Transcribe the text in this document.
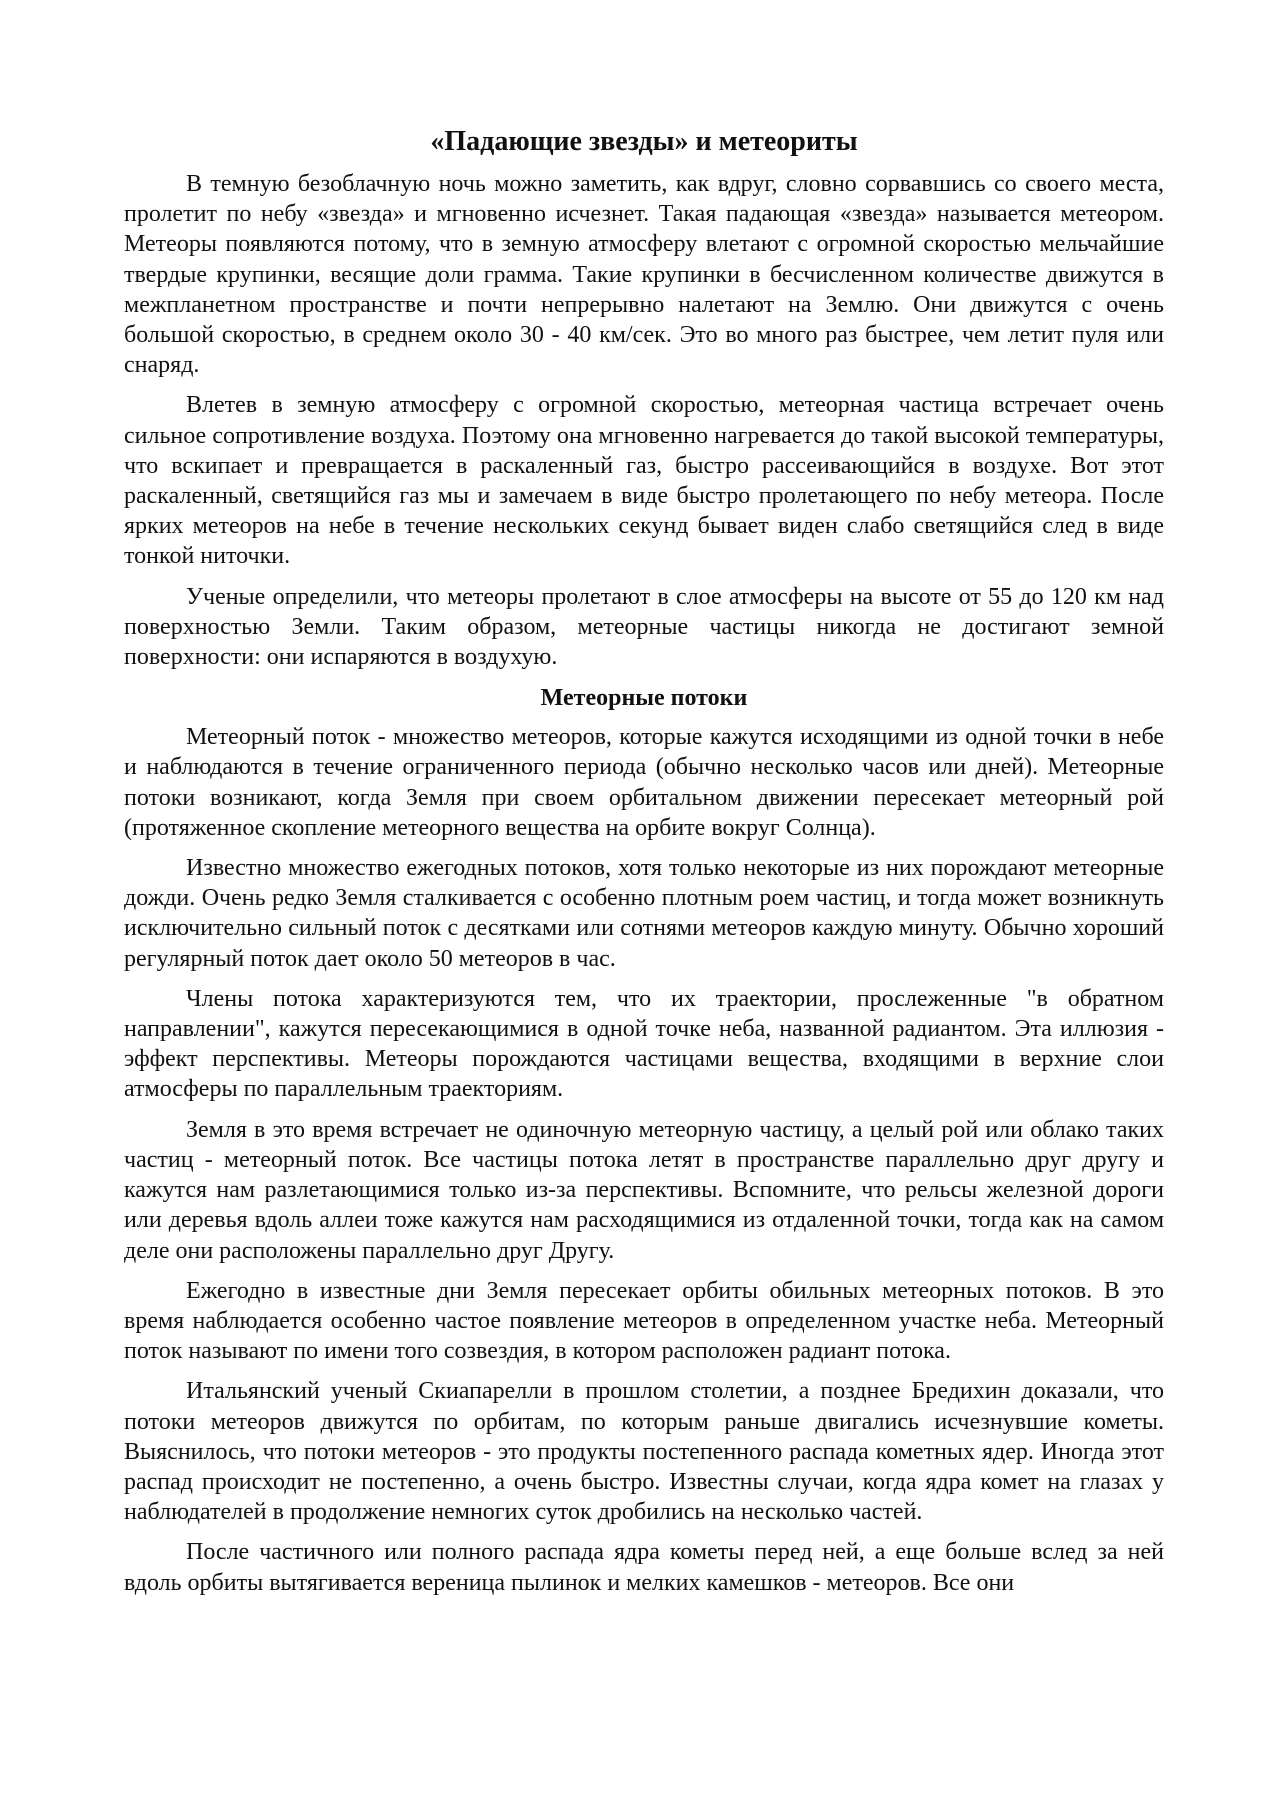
«Падающие звезды» и метеориты

В темную безоблачную ночь можно заметить, как вдруг, словно сорвавшись со своего места, пролетит по небу «звезда» и мгновенно исчезнет. Такая падающая «звезда» называется метеором. Метеоры появляются потому, что в земную атмосферу влетают с огромной скоростью мельчайшие твердые крупинки, весящие доли грамма. Такие крупинки в бесчисленном количестве движутся в межпланетном пространстве и почти непрерывно налетают на Землю. Они движутся с очень большой скоростью, в среднем около 30 - 40 км/сек. Это во много раз быстрее, чем летит пуля или снаряд.

Влетев в земную атмосферу с огромной скоростью, метеорная частица встречает очень сильное сопротивление воздуха. Поэтому она мгновенно нагревается до такой высокой температуры, что вскипает и превращается в раскаленный газ, быстро рассеивающийся в воздухе. Вот этот раскаленный, светящийся газ мы и замечаем в виде быстро пролетающего по небу метеора. После ярких метеоров на небе в течение нескольких секунд бывает виден слабо светящийся след в виде тонкой ниточки.

Ученые определили, что метеоры пролетают в слое атмосферы на высоте от 55 до 120 км над поверхностью Земли. Таким образом, метеорные частицы никогда не достигают земной поверхности: они испаряются в воздухую.

Метеорные потоки

Метеорный поток - множество метеоров, которые кажутся исходящими из одной точки в небе и наблюдаются в течение ограниченного периода (обычно несколько часов или дней). Метеорные потоки возникают, когда Земля при своем орбитальном движении пересекает метеорный рой (протяженное скопление метеорного вещества на орбите вокруг Солнца).

Известно множество ежегодных потоков, хотя только некоторые из них порождают метеорные дожди. Очень редко Земля сталкивается с особенно плотным роем частиц, и тогда может возникнуть исключительно сильный поток с десятками или сотнями метеоров каждую минуту. Обычно хороший регулярный поток дает около 50 метеоров в час.

Члены потока характеризуются тем, что их траектории, прослеженные "в обратном направлении", кажутся пересекающимися в одной точке неба, названной радиантом. Эта иллюзия - эффект перспективы. Метеоры порождаются частицами вещества, входящими в верхние слои атмосферы по параллельным траекториям.

Земля в это время встречает не одиночную метеорную частицу, а целый рой или облако таких частиц - метеорный поток. Все частицы потока летят в пространстве параллельно друг другу и кажутся нам разлетающимися только из-за перспективы. Вспомните, что рельсы железной дороги или деревья вдоль аллеи тоже кажутся нам расходящимися из отдаленной точки, тогда как на самом деле они расположены параллельно друг Другу.

Ежегодно в известные дни Земля пересекает орбиты обильных метеорных потоков. В это время наблюдается особенно частое появление метеоров в определенном участке неба. Метеорный поток называют по имени того созвездия, в котором расположен радиант потока.

Итальянский ученый Скиапарелли в прошлом столетии, а позднее Бредихин доказали, что потоки метеоров движутся по орбитам, по которым раньше двигались исчезнувшие кометы. Выяснилось, что потоки метеоров - это продукты постепенного распада кометных ядер. Иногда этот распад происходит не постепенно, а очень быстро. Известны случаи, когда ядра комет на глазах у наблюдателей в продолжение немногих суток дробились на несколько частей.

После частичного или полного распада ядра кометы перед ней, а еще больше вслед за ней вдоль орбиты вытягивается вереница пылинок и мелких камешков - метеоров. Все они
